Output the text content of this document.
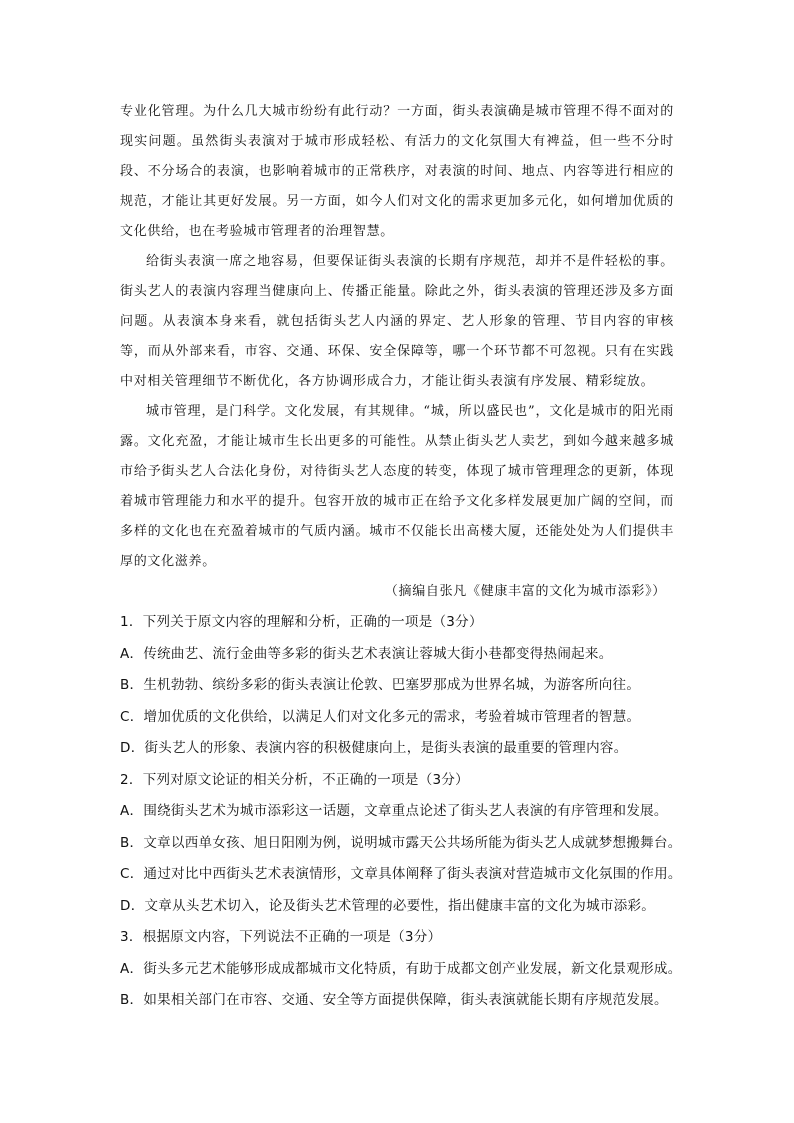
专业化管理。为什么几大城市纷纷有此行动？一方面，街头表演确是城市管理不得不面对的现实问题。虽然街头表演对于城市形成轻松、有活力的文化氛围大有裨益，但一些不分时段、不分场合的表演，也影响着城市的正常秩序，对表演的时间、地点、内容等进行相应的规范，才能让其更好发展。另一方面，如今人们对文化的需求更加多元化，如何增加优质的文化供给，也在考验城市管理者的治理智慧。

给街头表演一席之地容易，但要保证街头表演的长期有序规范，却并不是件轻松的事。街头艺人的表演内容理当健康向上、传播正能量。除此之外，街头表演的管理还涉及多方面问题。从表演本身来看，就包括街头艺人内涵的界定、艺人形象的管理、节目内容的审核等，而从外部来看，市容、交通、环保、安全保障等，哪一个环节都不可忽视。只有在实践中对相关管理细节不断优化，各方协调形成合力，才能让街头表演有序发展、精彩绽放。

城市管理，是门科学。文化发展，有其规律。“城，所以盛民也”，文化是城市的阳光雨露。文化充盈，才能让城市生长出更多的可能性。从禁止街头艺人卖艺，到如今越来越多城市给予街头艺人合法化身份，对待街头艺人态度的转变，体现了城市管理理念的更新，体现着城市管理能力和水平的提升。包容开放的城市正在给予文化多样发展更加广阔的空间，而多样的文化也在充盈着城市的气质内涵。城市不仅能长出高楼大厦，还能处处为人们提供丰厚的文化滋养。

（摘编自张凡《健康丰富的文化为城市添彩》）
1．下列关于原文内容的理解和分析，正确的一项是（3分）
A．传统曲艺、流行金曲等多彩的街头艺术表演让蓉城大街小巷都变得热闹起来。
B．生机勃勃、缤纷多彩的街头表演让伦敦、巴塞罗那成为世界名城，为游客所向往。
C．增加优质的文化供给，以满足人们对文化多元的需求，考验着城市管理者的智慧。
D．街头艺人的形象、表演内容的积极健康向上，是街头表演的最重要的管理内容。
2．下列对原文论证的相关分析，不正确的一项是（3分）
A．围绕街头艺术为城市添彩这一话题，文章重点论述了街头艺人表演的有序管理和发展。
B．文章以西单女孩、旭日阳刚为例，说明城市露天公共场所能为街头艺人成就梦想搬舞台。
C．通过对比中西街头艺术表演情形，文章具体阐释了街头表演对营造城市文化氛围的作用。
D．文章从头艺术切入，论及街头艺术管理的必要性，指出健康丰富的文化为城市添彩。
3．根据原文内容，下列说法不正确的一项是（3分）
A．街头多元艺术能够形成成都城市文化特质，有助于成都文创产业发展，新文化景观形成。
B．如果相关部门在市容、交通、安全等方面提供保障，街头表演就能长期有序规范发展。
